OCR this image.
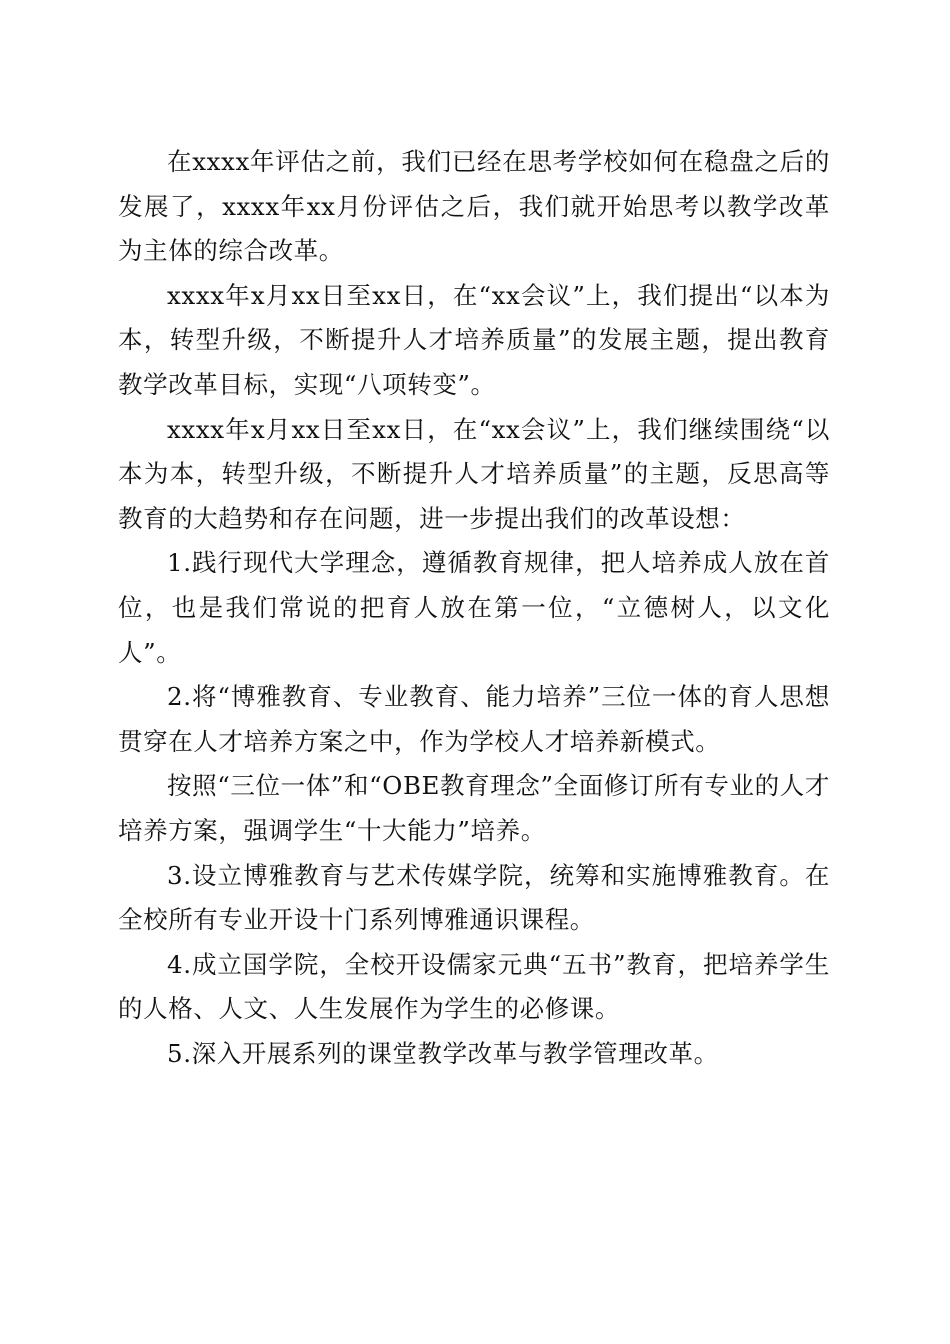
在xxxx年评估之前，我们已经在思考学校如何在稳盘之后的发展了，xxxx年xx月份评估之后，我们就开始思考以教学改革为主体的综合改革。

xxxx年x月xx日至xx日，在“xx会议”上，我们提出“以本为本，转型升级，不断提升人才培养质量”的发展主题，提出教育教学改革目标，实现“八项转变”。

xxxx年x月xx日至xx日，在“xx会议”上，我们继续围绕“以本为本，转型升级，不断提升人才培养质量”的主题，反思高等教育的大趋势和存在问题，进一步提出我们的改革设想：

1.践行现代大学理念，遵循教育规律，把人培养成人放在首位，也是我们常说的把育人放在第一位，“立德树人，以文化人”。

2.将“博雅教育、专业教育、能力培养”三位一体的育人思想贯穿在人才培养方案之中，作为学校人才培养新模式。

按照“三位一体”和“OBE教育理念”全面修订所有专业的人才培养方案，强调学生“十大能力”培养。

3.设立博雅教育与艺术传媒学院，统筹和实施博雅教育。在全校所有专业开设十门系列博雅通识课程。

4.成立国学院，全校开设儒家元典“五书”教育，把培养学生的人格、人文、人生发展作为学生的必修课。

5.深入开展系列的课堂教学改革与教学管理改革。
